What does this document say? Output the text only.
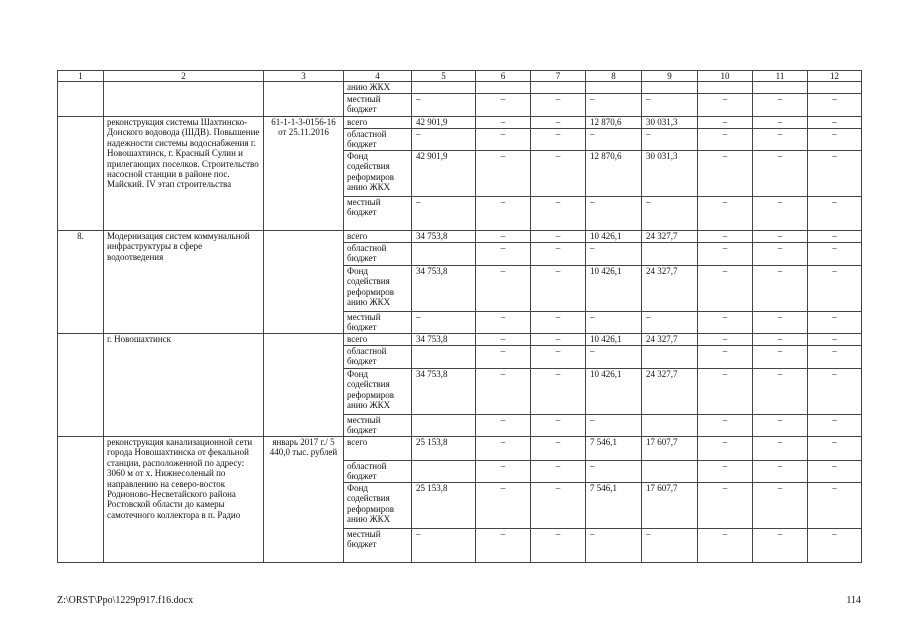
1	2	3	4	5	6	7	8	9	10	11	12
			анию ЖКХ								
			местный бюджет	–	–	–	–	–	–	–	–
	реконструкция системы Шахтинско-Донского водовода (ШДВ). Повышение надежности системы водоснабжения г. Новошахтинск, г. Красный Сулин и прилегающих поселков. Строительство насосной станции в районе пос. Майский. IV этап строительства	61-1-1-3-0156-16 от 25.11.2016	всего	42 901,9	–	–	12 870,6	30 031,3	–	–	–
			областной бюджет	–	–	–	–	–	–	–	–
			Фонд содействия реформиров анию ЖКХ	42 901,9	–	–	12 870,6	30 031,3	–	–	–
			местный бюджет	–	–	–	–	–	–	–	–
8.	Модернизация систем коммунальной инфраструктуры в сфере водоотведения		всего	34 753,8	–	–	10 426,1	24 327,7	–	–	–
			областной бюджет		–	–	–		–	–	–
			Фонд содействия реформиров анию ЖКХ	34 753,8	–	–	10 426,1	24 327,7	–	–	–
			местный бюджет	–	–	–	–	–	–	–	–
	г. Новошахтинск		всего	34 753,8	–	–	10 426,1	24 327,7	–	–	–
			областной бюджет		–	–	–		–	–	–
			Фонд содействия реформиров анию ЖКХ	34 753,8	–	–	10 426,1	24 327,7	–	–	–
			местный бюджет		–	–	–		–	–	–
	реконструкция канализационной сети города Новошахтинска от фекальной станции, расположенной по адресу: 3060 м от х. Нижнесоленый по направлению на северо-восток Родионово-Несветайского района Ростовской области до камеры самотечного коллектора в п. Радио	январь 2017 г./ 5 440,0 тыс. рублей	всего	25 153,8	–	–	7 546,1	17 607,7	–	–	–
			областной бюджет		–	–	–		–	–	–
			Фонд содействия реформиров анию ЖКХ	25 153,8	–	–	7 546,1	17 607,7	–	–	–
			местный бюджет	–	–	–	–	–	–	–	–
Z:\ORST\Ppo\1229p917.f16.docx	114
